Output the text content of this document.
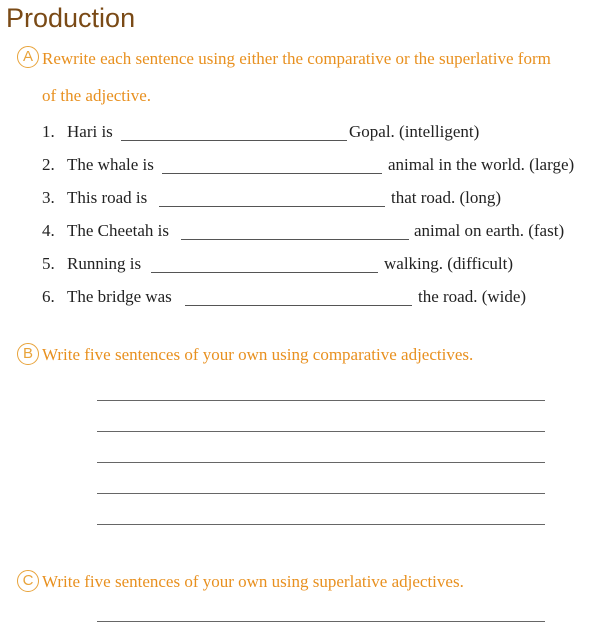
Production
A Rewrite each sentence using either the comparative or the superlative form
of the adjective.
1. Hari is	Gopal. (intelligent)
2. The whale is	animal in the world. (large)
3. This road is	that road. (long)
4. The Cheetah is	animal on earth. (fast)
5. Running is	walking. (difficult)
6. The bridge was	the road. (wide)
B Write five sentences of your own using comparative adjectives.
C Write five sentences of your own using superlative adjectives.
